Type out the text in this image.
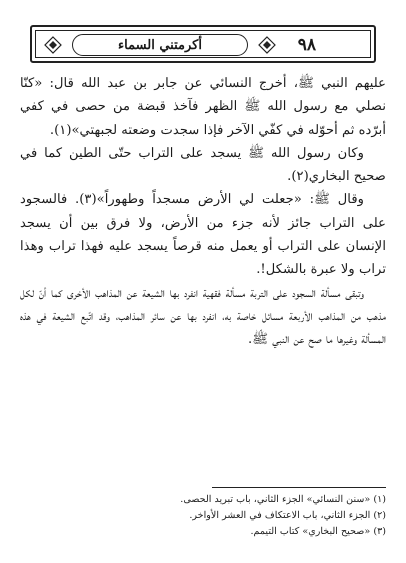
أكرمتني السماء	٩٨

عليهم النبي ﷺ، أخرج النسائي عن جابر بن عبد الله قال: «كنّا نصلي مع رسول الله ﷺ الظهر فآخذ قبضة من حصى في كفي أبرّده ثم أحوّله في كفّي الآخر فإذا سجدت وضعته لجبهتي»(١).

وكان رسول الله ﷺ يسجد على التراب حتّى الطين كما في صحيح البخاري(٢).

وقال ﷺ: «جعلت لي الأرض مسجداً وطهوراً»(٣). فالسجود على التراب جائز لأنه جزء من الأرض، ولا فرق بين أن يسجد الإنسان على التراب أو يعمل منه قرصاً يسجد عليه فهذا تراب وهذا تراب ولا عبرة بالشكل!.

وتبقى مسألة السجود على التربة مسألة فقهية انفرد بها الشيعة عن المذاهب الأخرى كما أنّ لكل مذهب من المذاهب الأربعة مسائل خاصة به، انفرد بها عن سائر المذاهب، وقد اتّبع الشيعة في هذه المسألة وغيرها ما صح عن النبي ﷺ.

(١) «سنن النسائي» الجزء الثاني، باب تبريد الحصى.

(٢) الجزء الثاني، باب الاعتكاف في العشر الأواخر.

(٣) «صحيح البخاري» كتاب التيمم.
